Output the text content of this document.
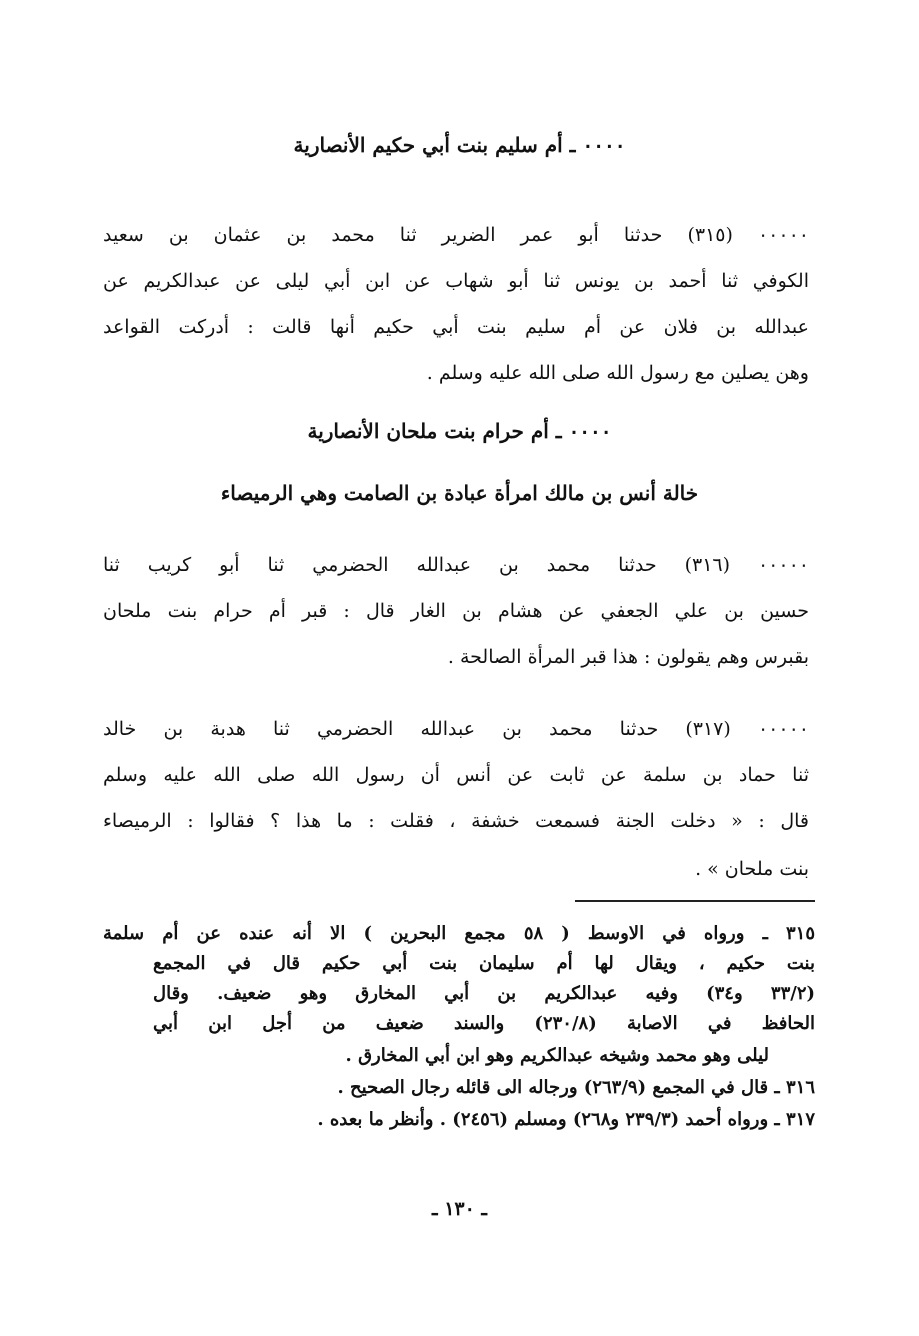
٠٠٠٠ ـ أم سليم بنت أبي حكيم الأنصارية
٠٠٠٠٠ (٣١٥) حدثنا أبو عمر الضرير ثنا محمد بن عثمان بن سعيد
الكوفي ثنا أحمد بن يونس ثنا أبو شهاب عن ابن أبي ليلى عن عبدالكريم عن
عبدالله بن فلان عن أم سليم بنت أبي حكيم أنها قالت : أدركت القواعد
وهن يصلين مع رسول الله صلى الله عليه وسلم .
٠٠٠٠ ـ أم حرام بنت ملحان الأنصارية
خالة أنس بن مالك امرأة عبادة بن الصامت وهي الرميصاء
٠٠٠٠٠ (٣١٦) حدثنا محمد بن عبدالله الحضرمي ثنا أبو كريب ثنا
حسين بن علي الجعفي عن هشام بن الغار قال : قبر أم حرام بنت ملحان
بقبرس وهم يقولون : هذا قبر المرأة الصالحة .
٠٠٠٠٠ (٣١٧) حدثنا محمد بن عبدالله الحضرمي ثنا هدبة بن خالد
ثنا حماد بن سلمة عن ثابت عن أنس أن رسول الله صلى الله عليه وسلم
قال : « دخلت الجنة فسمعت خشفة ، فقلت : ما هذا ؟ فقالوا : الرميصاء
بنت ملحان » .
٣١٥ ـ ورواه في الاوسط ( ٥٨ مجمع البحرين ) الا أنه عنده عن أم سلمة
بنت حكيم ، ويقال لها أم سليمان بنت أبي حكيم قال في المجمع
(٣٣/٢ و٣٤) وفيه عبدالكريم بن أبي المخارق وهو ضعيف. وقال
الحافظ في الاصابة (٢٣٠/٨) والسند ضعيف من أجل ابن أبي
ليلى وهو محمد وشيخه عبدالكريم وهو ابن أبي المخارق .
٣١٦ ـ قال في المجمع (٢٦٣/٩) ورجاله الى قائله رجال الصحيح .
٣١٧ ـ ورواه أحمد (٢٣٩/٣ و٢٦٨) ومسلم (٢٤٥٦) . وأنظر ما بعده .
ـ ١٣٠ ـ
